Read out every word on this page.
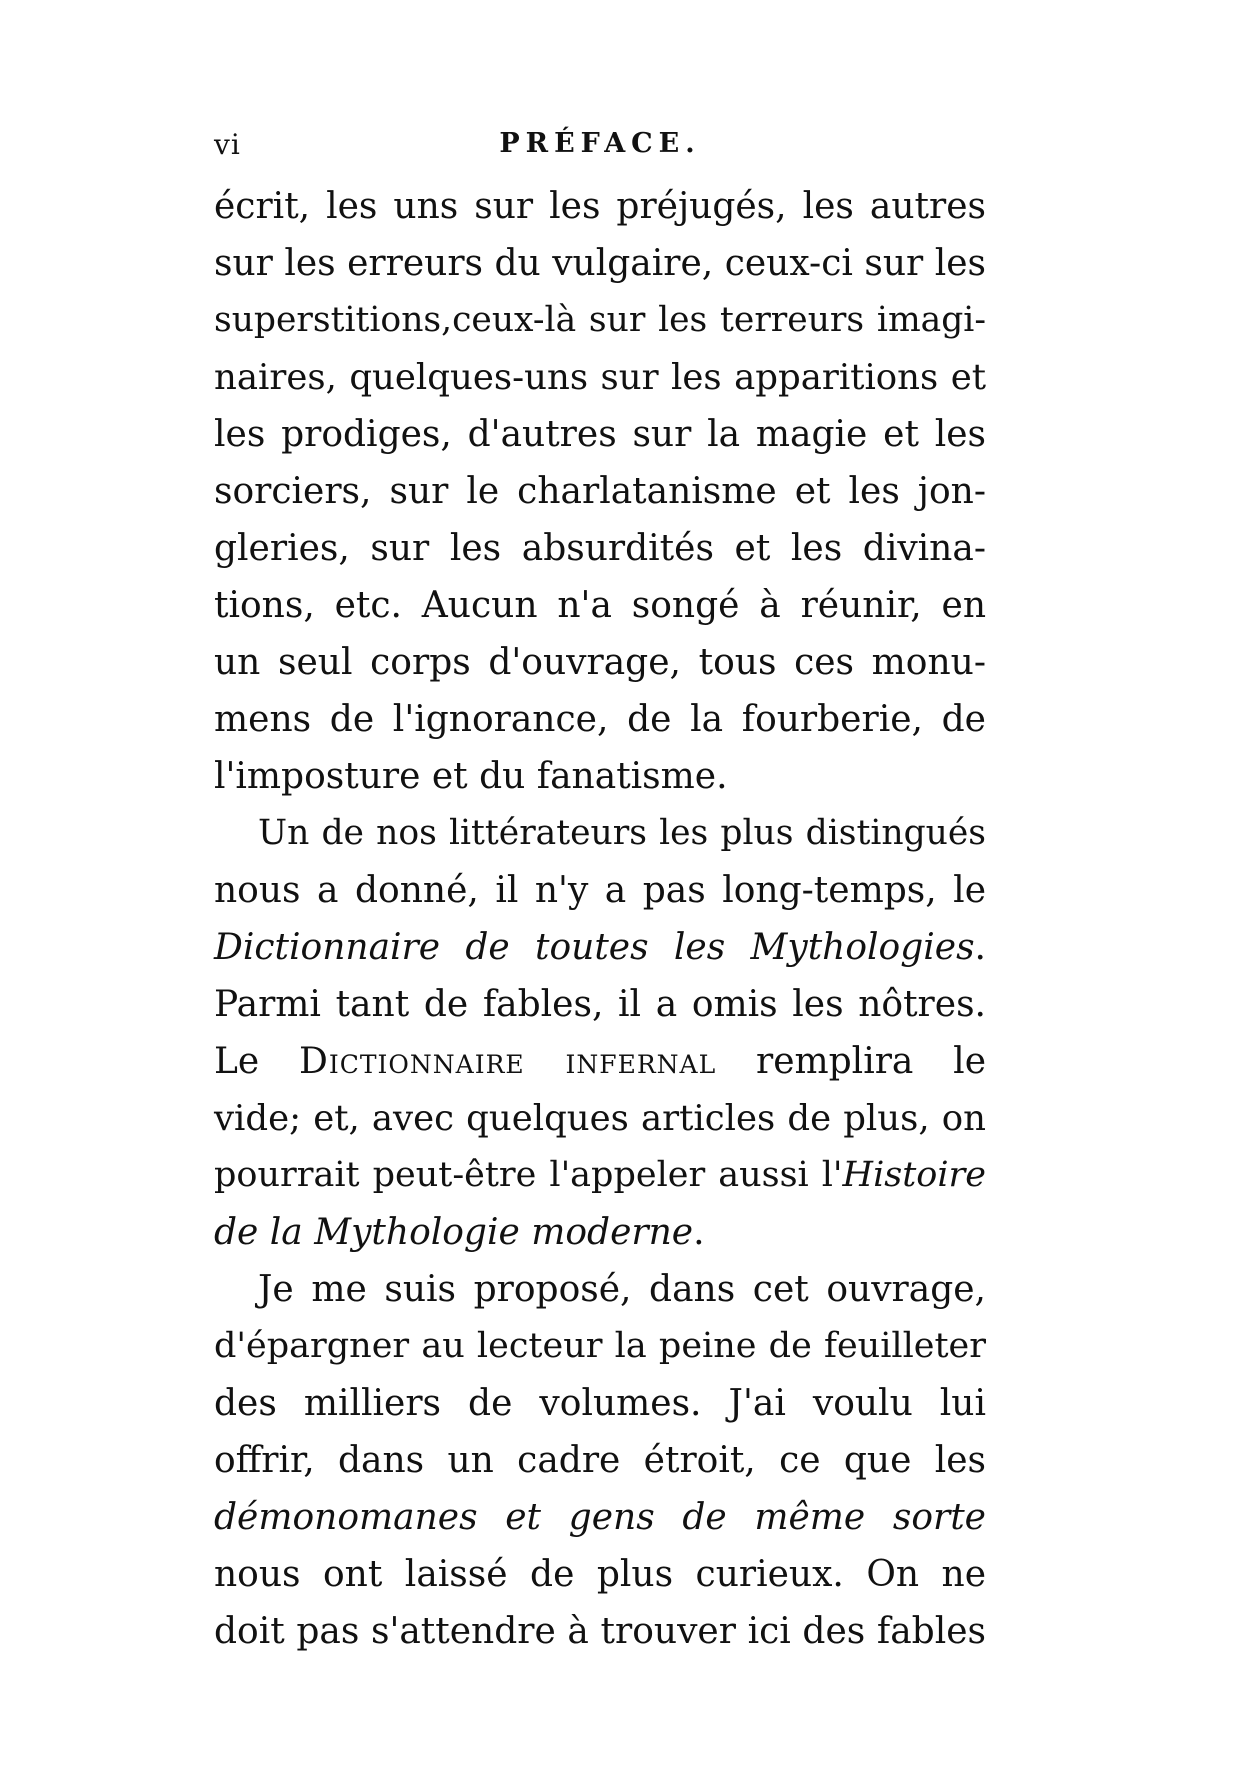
vi	PRÉFACE.
écrit, les uns sur les préjugés, les autres
sur les erreurs du vulgaire, ceux-ci sur les
superstitions,ceux-là sur les terreurs imagi-
naires, quelques-uns sur les apparitions et
les prodiges, d'autres sur la magie et les
sorciers, sur le charlatanisme et les jon-
gleries, sur les absurdités et les divina-
tions, etc. Aucun n'a songé à réunir, en
un seul corps d'ouvrage, tous ces monu-
mens de l'ignorance, de la fourberie, de
l'imposture et du fanatisme.
Un de nos littérateurs les plus distingués
nous a donné, il n'y a pas long-temps, le
Dictionnaire de toutes les Mythologies.
Parmi tant de fables, il a omis les nôtres.
Le Dictionnaire infernal remplira le
vide; et, avec quelques articles de plus, on
pourrait peut-être l'appeler aussi l'Histoire
de la Mythologie moderne.
Je me suis proposé, dans cet ouvrage,
d'épargner au lecteur la peine de feuilleter
des milliers de volumes. J'ai voulu lui
offrir, dans un cadre étroit, ce que les
démonomanes et gens de même sorte
nous ont laissé de plus curieux. On ne
doit pas s'attendre à trouver ici des fables
